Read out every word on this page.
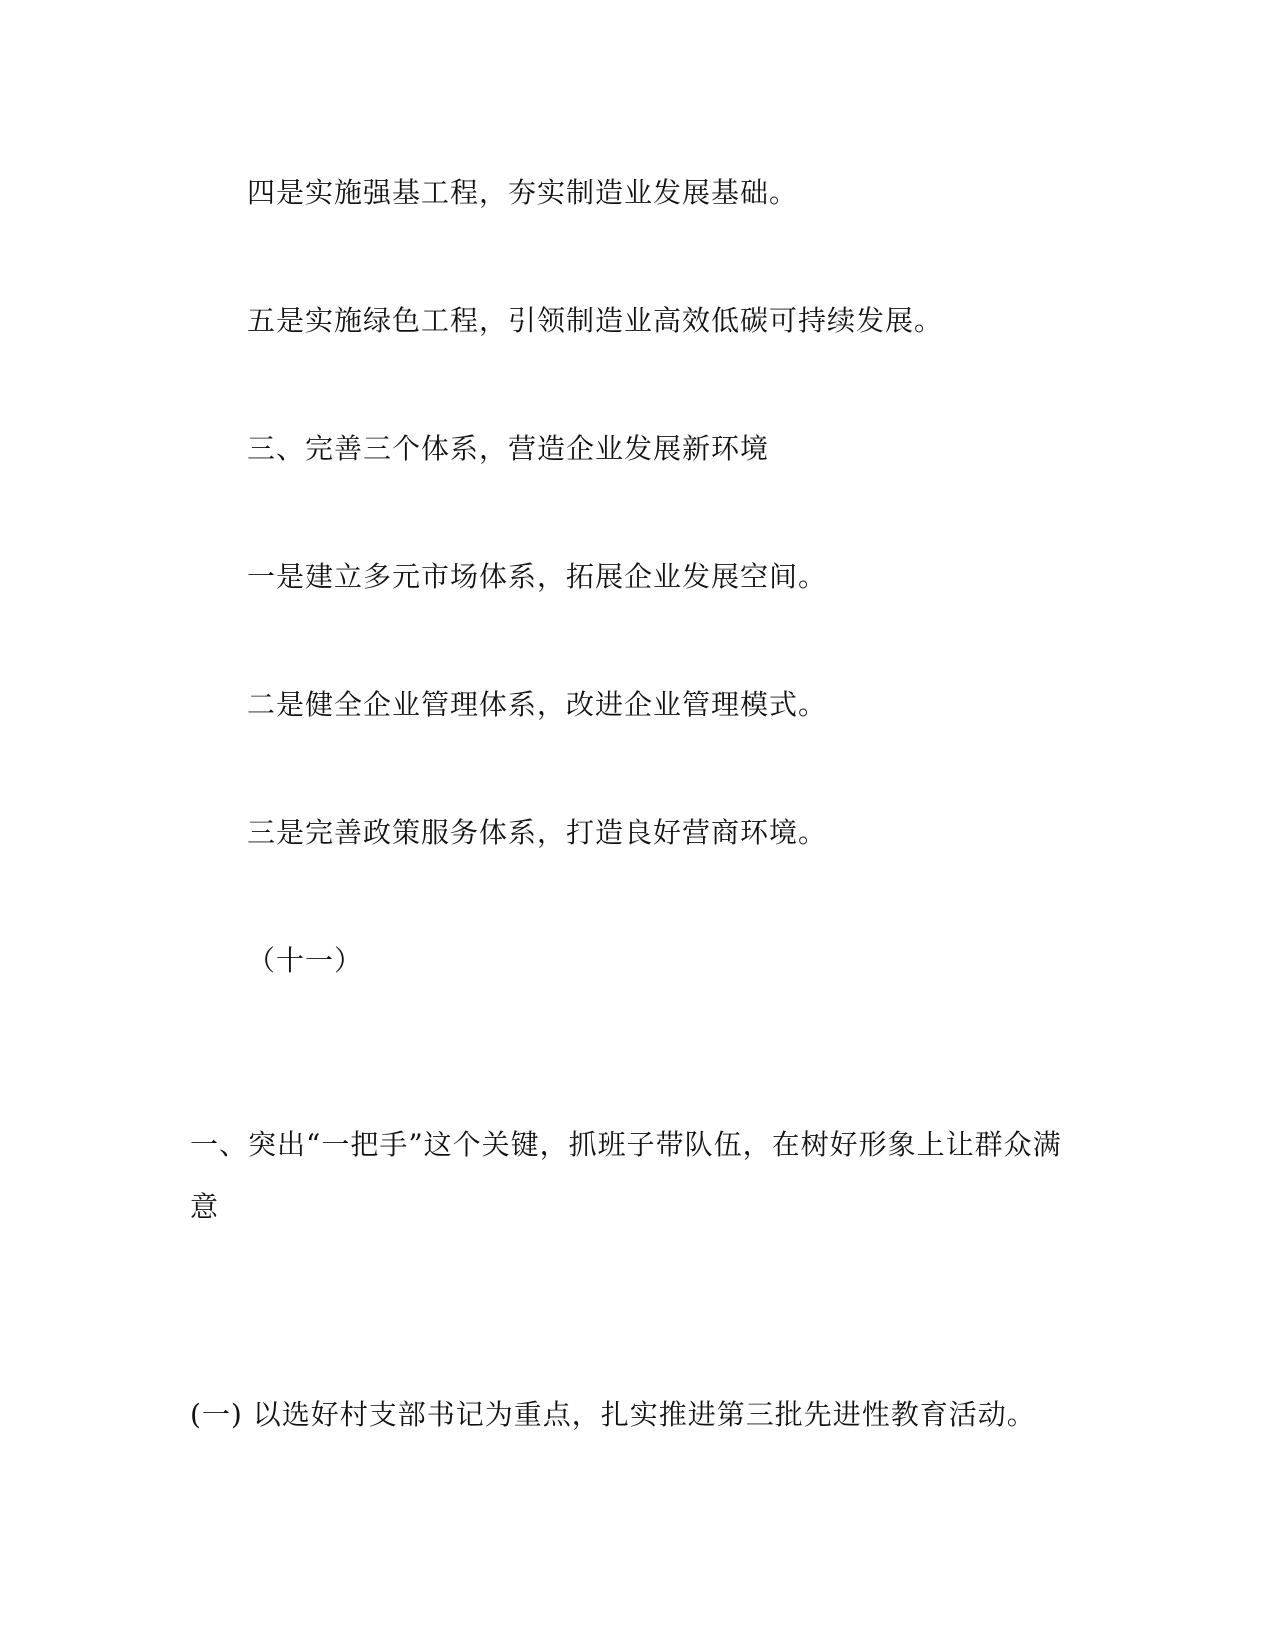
四是实施强基工程，夯实制造业发展基础。
五是实施绿色工程，引领制造业高效低碳可持续发展。
三、完善三个体系，营造企业发展新环境
一是建立多元市场体系，拓展企业发展空间。
二是健全企业管理体系，改进企业管理模式。
三是完善政策服务体系，打造良好营商环境。
（十一）
一、突出“一把手”这个关键，抓班子带队伍，在树好形象上让群众满意
(一) 以选好村支部书记为重点，扎实推进第三批先进性教育活动。
